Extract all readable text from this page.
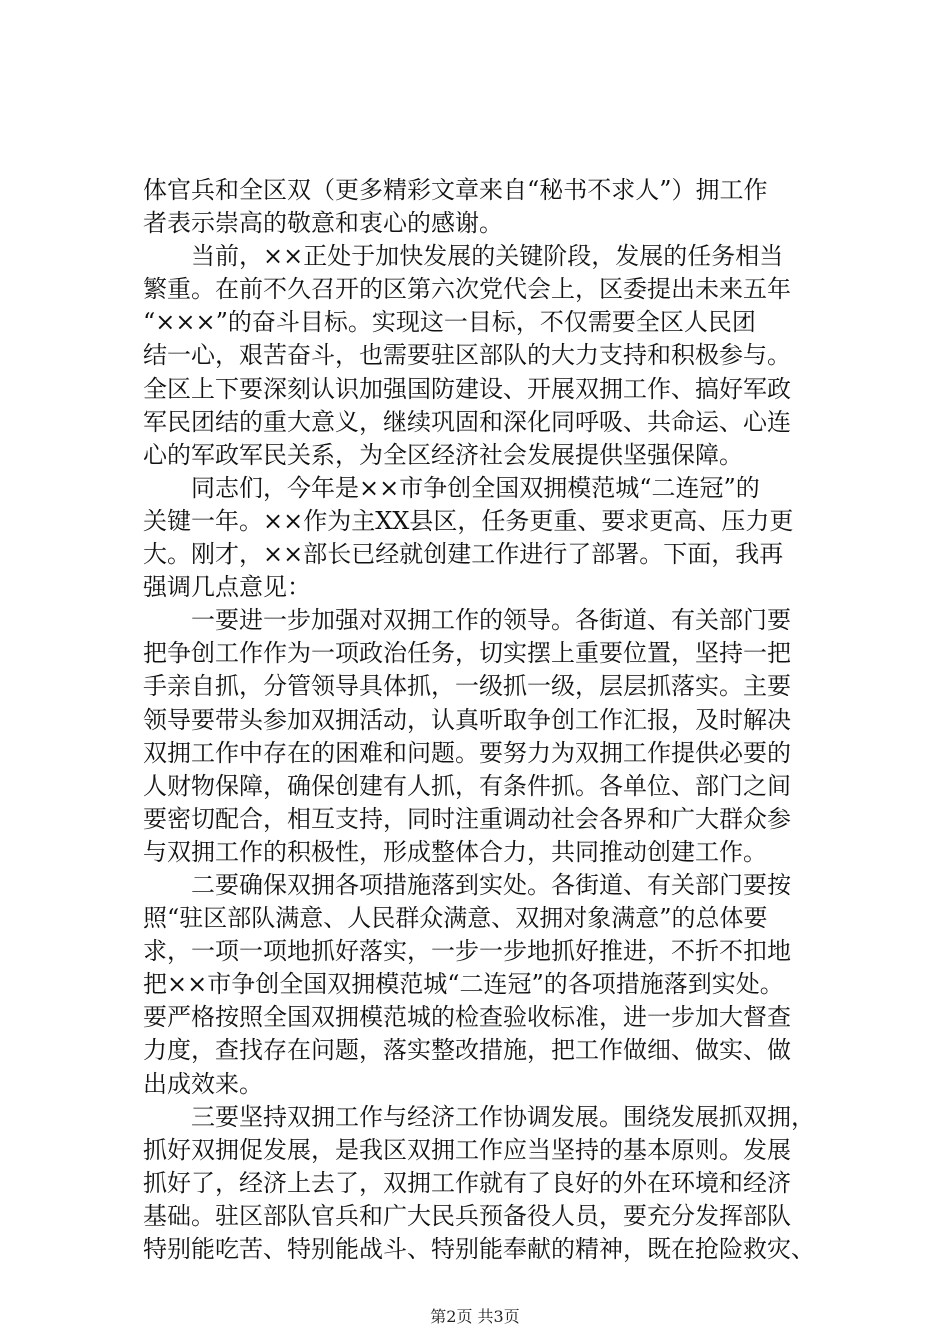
体官兵和全区双（更多精彩文章来自“秘书不求人”）拥工作
者表示崇高的敬意和衷心的感谢。
当前，××正处于加快发展的关键阶段，发展的任务相当
繁重。在前不久召开的区第六次党代会上，区委提出未来五年
“×××”的奋斗目标。实现这一目标，不仅需要全区人民团
结一心，艰苦奋斗，也需要驻区部队的大力支持和积极参与。
全区上下要深刻认识加强国防建设、开展双拥工作、搞好军政
军民团结的重大意义，继续巩固和深化同呼吸、共命运、心连
心的军政军民关系，为全区经济社会发展提供坚强保障。
同志们，今年是××市争创全国双拥模范城“二连冠”的
关键一年。××作为主XX县区，任务更重、要求更高、压力更
大。刚才，××部长已经就创建工作进行了部署。下面，我再
强调几点意见：
一要进一步加强对双拥工作的领导。各街道、有关部门要
把争创工作作为一项政治任务，切实摆上重要位置，坚持一把
手亲自抓，分管领导具体抓，一级抓一级，层层抓落实。主要
领导要带头参加双拥活动，认真听取争创工作汇报，及时解决
双拥工作中存在的困难和问题。要努力为双拥工作提供必要的
人财物保障，确保创建有人抓，有条件抓。各单位、部门之间
要密切配合，相互支持，同时注重调动社会各界和广大群众参
与双拥工作的积极性，形成整体合力，共同推动创建工作。
二要确保双拥各项措施落到实处。各街道、有关部门要按
照“驻区部队满意、人民群众满意、双拥对象满意”的总体要
求，一项一项地抓好落实，一步一步地抓好推进，不折不扣地
把××市争创全国双拥模范城“二连冠”的各项措施落到实处。
要严格按照全国双拥模范城的检查验收标准，进一步加大督查
力度，查找存在问题，落实整改措施，把工作做细、做实、做
出成效来。
三要坚持双拥工作与经济工作协调发展。围绕发展抓双拥，
抓好双拥促发展，是我区双拥工作应当坚持的基本原则。发展
抓好了，经济上去了，双拥工作就有了良好的外在环境和经济
基础。驻区部队官兵和广大民兵预备役人员，要充分发挥部队
特别能吃苦、特别能战斗、特别能奉献的精神，既在抢险救灾、
第2页 共3页
